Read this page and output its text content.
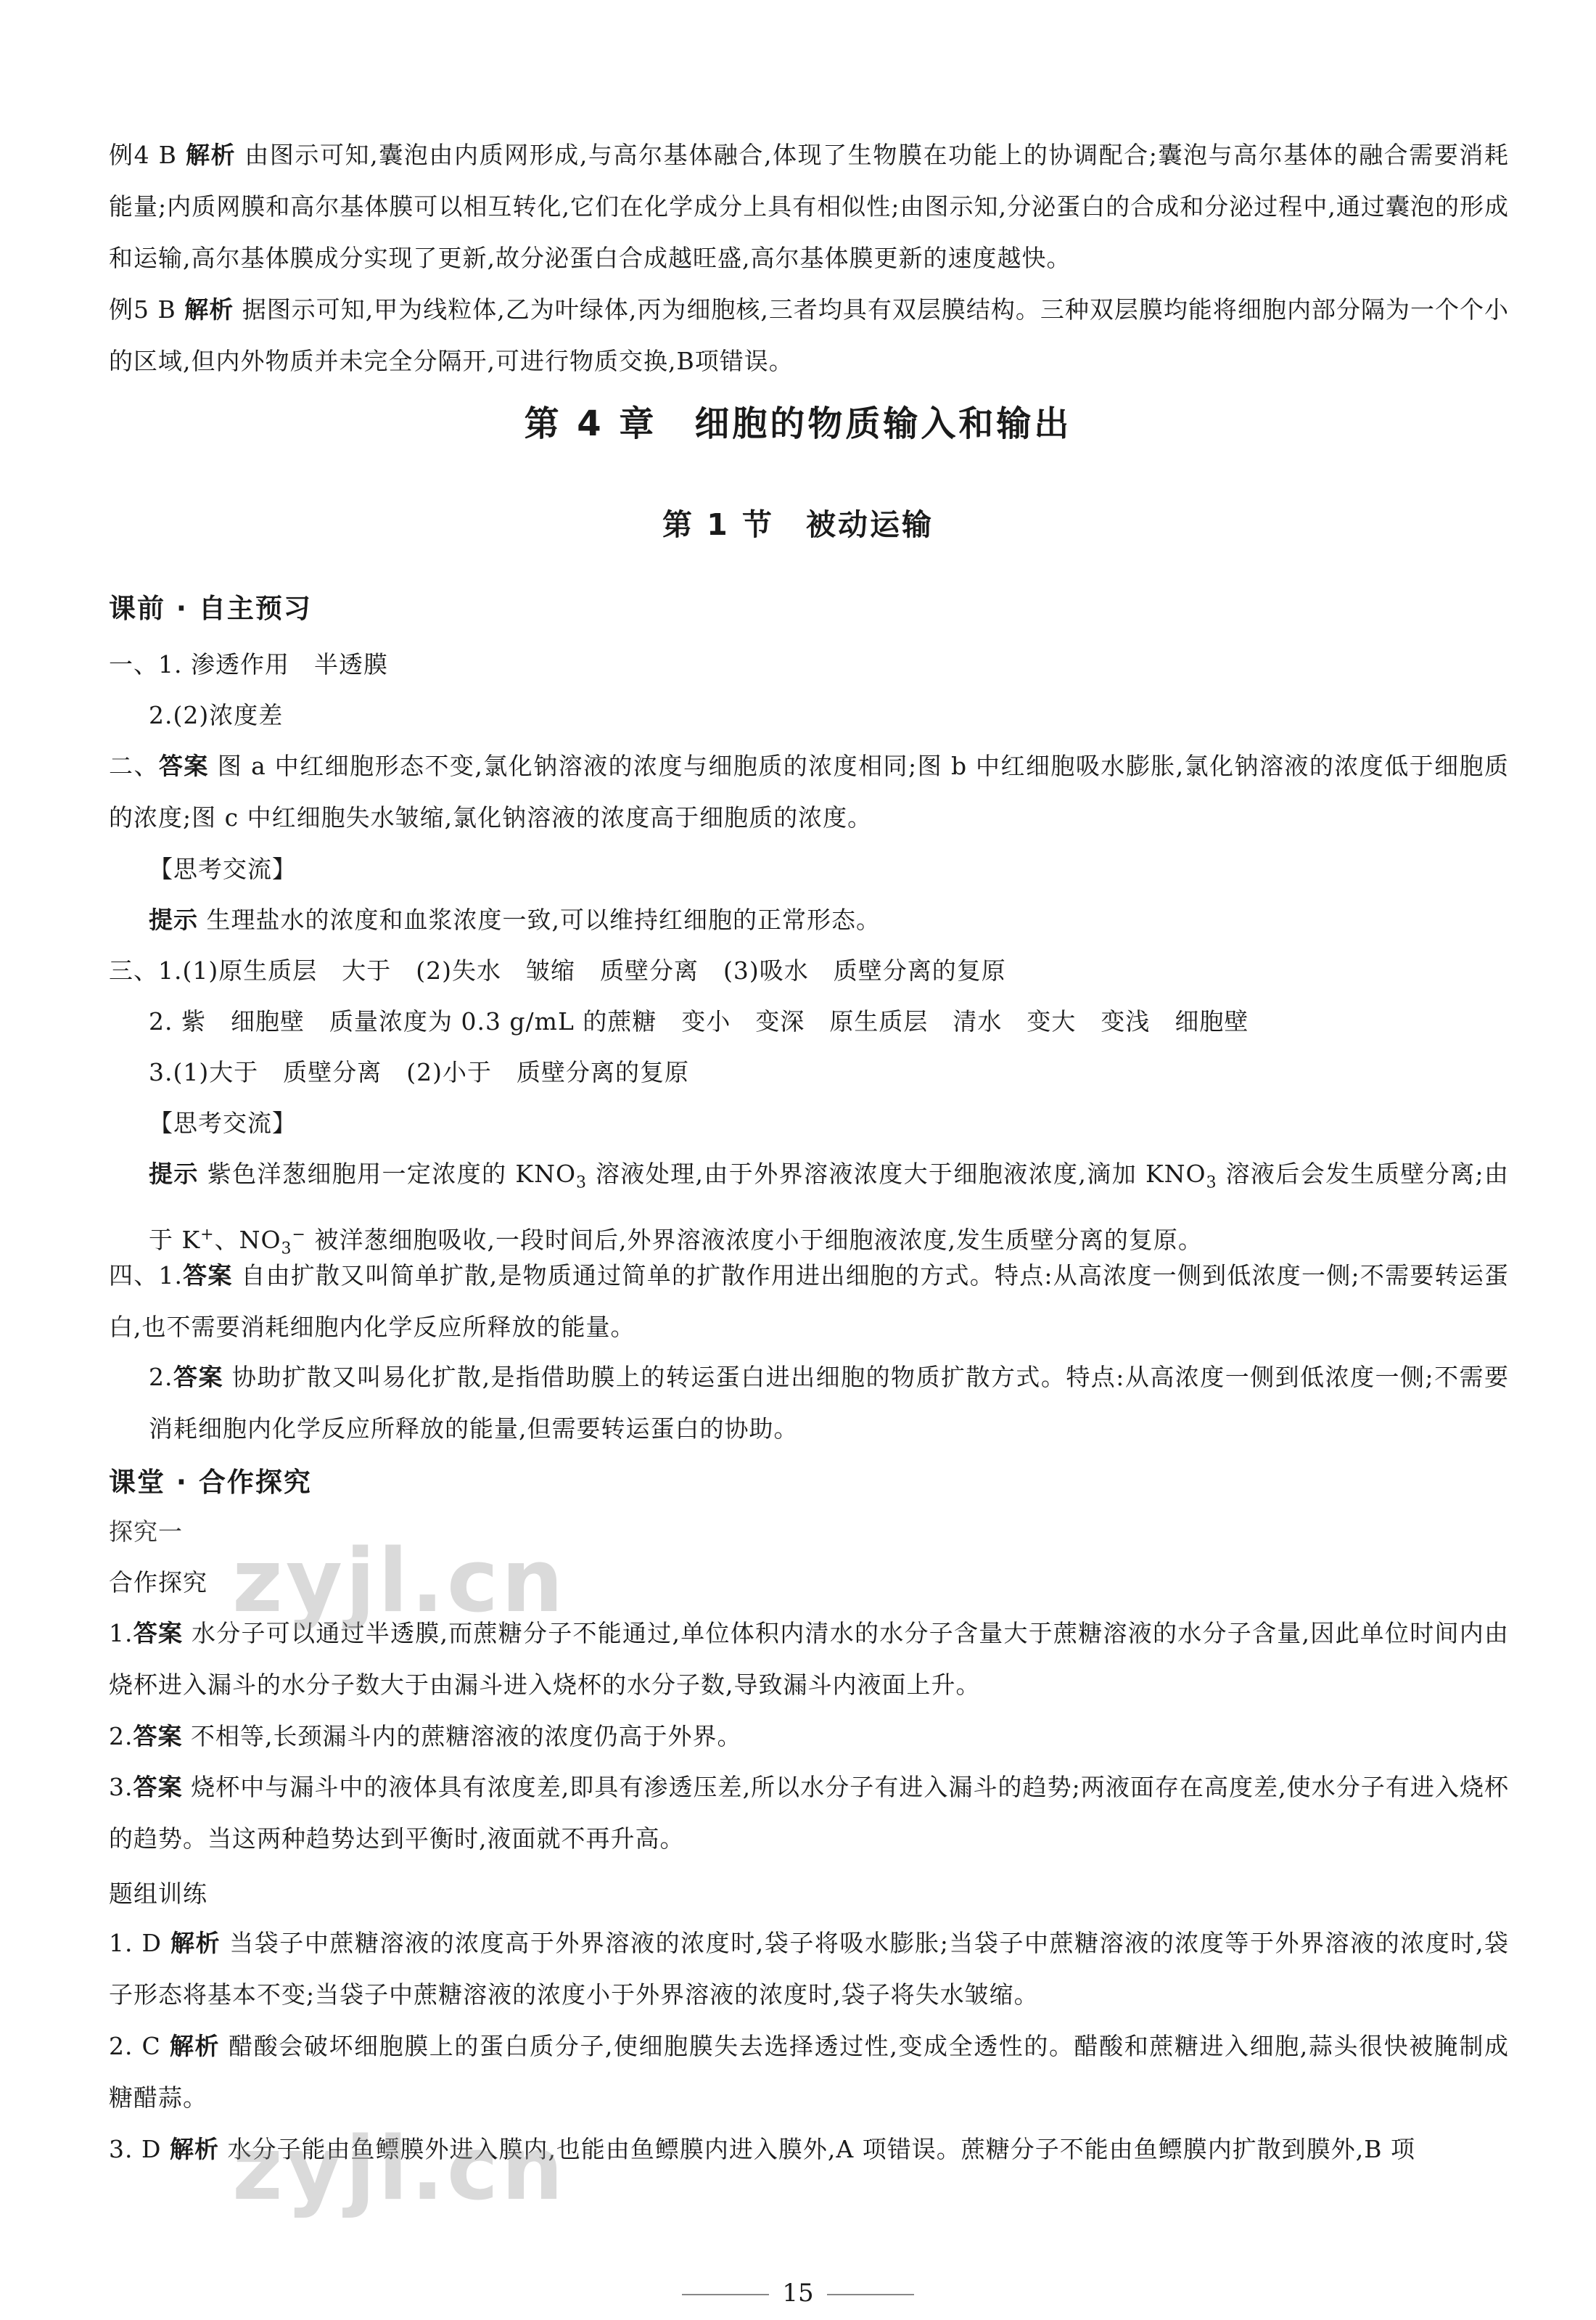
例4 B 解析 由图示可知,囊泡由内质网形成,与高尔基体融合,体现了生物膜在功能上的协调配合;囊泡与高尔基体的融合需要消耗能量;内质网膜和高尔基体膜可以相互转化,它们在化学成分上具有相似性;由图示知,分泌蛋白的合成和分泌过程中,通过囊泡的形成和运输,高尔基体膜成分实现了更新,故分泌蛋白合成越旺盛,高尔基体膜更新的速度越快。

例5 B 解析 据图示可知,甲为线粒体,乙为叶绿体,丙为细胞核,三者均具有双层膜结构。三种双层膜均能将细胞内部分隔为一个个小的区域,但内外物质并未完全分隔开,可进行物质交换,B项错误。

第 4 章　细胞的物质输入和输出
第 1 节　被动运输
课前 · 自主预习

一、1. 渗透作用　半透膜

2.(2)浓度差

二、答案 图 a 中红细胞形态不变,氯化钠溶液的浓度与细胞质的浓度相同;图 b 中红细胞吸水膨胀,氯化钠溶液的浓度低于细胞质的浓度;图 c 中红细胞失水皱缩,氯化钠溶液的浓度高于细胞质的浓度。

【思考交流】

提示 生理盐水的浓度和血浆浓度一致,可以维持红细胞的正常形态。

三、1.(1)原生质层　大于　(2)失水　皱缩　质壁分离　(3)吸水　质壁分离的复原

2. 紫　细胞壁　质量浓度为 0.3 g/mL 的蔗糖　变小　变深　原生质层　清水　变大　变浅　细胞壁

3.(1)大于　质壁分离　(2)小于　质壁分离的复原

【思考交流】

提示 紫色洋葱细胞用一定浓度的 $KNO_3$ 溶液处理,由于外界溶液浓度大于细胞液浓度,滴加 $KNO_3$ 溶液后会发生质壁分离;由于 K+、$NO_3^-$ 被洋葱细胞吸收,一段时间后,外界溶液浓度小于细胞液浓度,发生质壁分离的复原。

四、1.答案 自由扩散又叫简单扩散,是物质通过简单的扩散作用进出细胞的方式。特点:从高浓度一侧到低浓度一侧;不需要转运蛋白,也不需要消耗细胞内化学反应所释放的能量。

2.答案 协助扩散又叫易化扩散,是指借助膜上的转运蛋白进出细胞的物质扩散方式。特点:从高浓度一侧到低浓度一侧;不需要消耗细胞内化学反应所释放的能量,但需要转运蛋白的协助。

课堂 · 合作探究
探究一
合作探究

1.答案 水分子可以通过半透膜,而蔗糖分子不能通过,单位体积内清水的水分子含量大于蔗糖溶液的水分子含量,因此单位时间内由烧杯进入漏斗的水分子数大于由漏斗进入烧杯的水分子数,导致漏斗内液面上升。

2.答案 不相等,长颈漏斗内的蔗糖溶液的浓度仍高于外界。

3.答案 烧杯中与漏斗中的液体具有浓度差,即具有渗透压差,所以水分子有进入漏斗的趋势;两液面存在高度差,使水分子有进入烧杯的趋势。当这两种趋势达到平衡时,液面就不再升高。

题组训练

1. D 解析 当袋子中蔗糖溶液的浓度高于外界溶液的浓度时,袋子将吸水膨胀;当袋子中蔗糖溶液的浓度等于外界溶液的浓度时,袋子形态将基本不变;当袋子中蔗糖溶液的浓度小于外界溶液的浓度时,袋子将失水皱缩。

2. C 解析 醋酸会破坏细胞膜上的蛋白质分子,使细胞膜失去选择透过性,变成全透性的。醋酸和蔗糖进入细胞,蒜头很快被腌制成糖醋蒜。

3. D 解析 水分子能由鱼鳔膜外进入膜内,也能由鱼鳔膜内进入膜外,A 项错误。蔗糖分子不能由鱼鳔膜内扩散到膜外,B 项

zyjl.cn
zyjl.cn
15
